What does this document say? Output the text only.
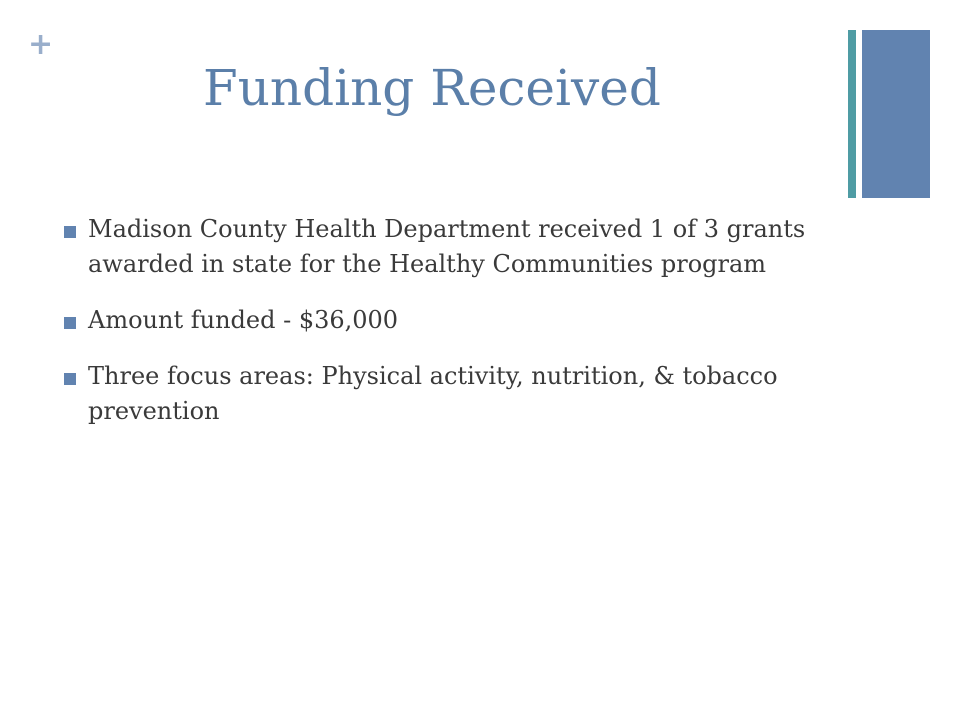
+
Funding Received
Madison County Health Department received 1 of 3 grants awarded in state for the Healthy Communities program
Amount funded - $36,000
Three focus areas: Physical activity, nutrition, & tobacco prevention
